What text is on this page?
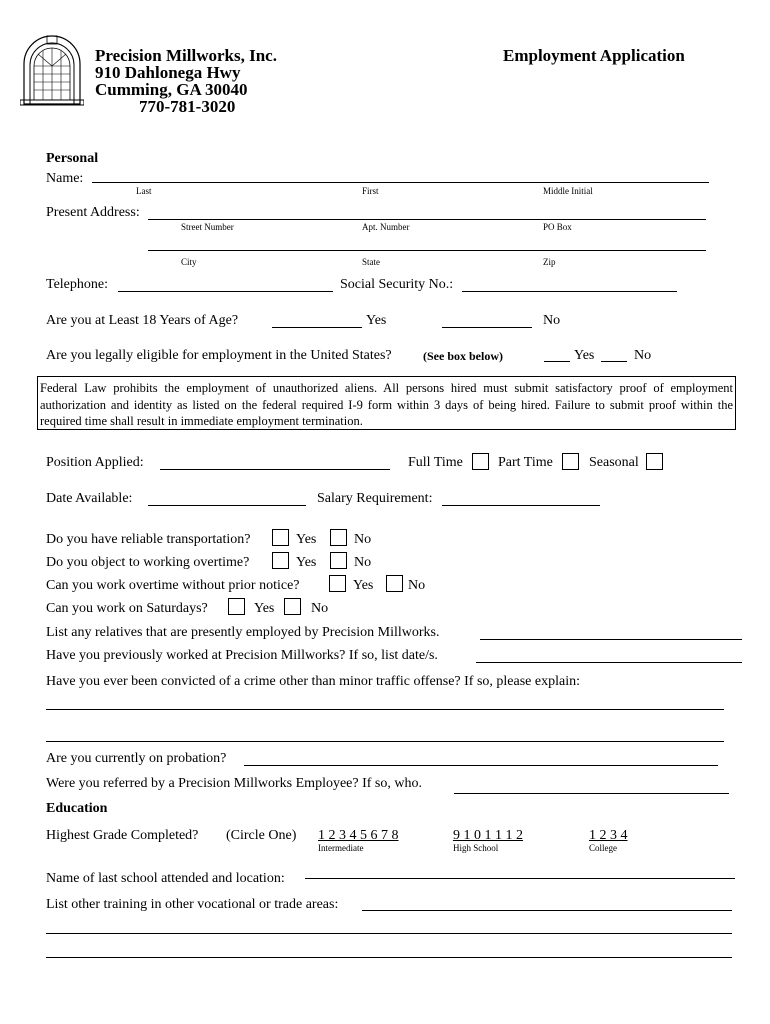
Precision Millworks, Inc.
910 Dahlonega Hwy
Cumming, GA 30040
770-781-3020
Employment Application
Personal
Name:
Last	First	Middle Initial
Present Address:
Street Number	Apt. Number	PO Box
City	State	Zip
Telephone:	Social Security No.:
Are you at Least 18 Years of Age?	Yes	No
Are you legally eligible for employment in the United States?	(See box below)	Yes	No
Federal Law prohibits the employment of unauthorized aliens. All persons hired must submit satisfactory proof of employment authorization and identity as listed on the federal required I-9 form within 3 days of being hired. Failure to submit proof within the required time shall result in immediate employment termination.
Position Applied:	Full Time	Part Time	Seasonal
Date Available:	Salary Requirement:
Do you have reliable transportation?	Yes	No
Do you object to working overtime?	Yes	No
Can you work overtime without prior notice?	Yes No
Can you work on Saturdays?	Yes	No
List any relatives that are presently employed by Precision Millworks.
Have you previously worked at Precision Millworks? If so, list date/s.
Have you ever been convicted of a crime other than minor traffic offense? If so, please explain:
Are you currently on probation?
Were you referred by a Precision Millworks Employee? If so, who.
Education
Highest Grade Completed? (Circle One) 1 2 3 4 5 6 7 8
Intermediate
9 1 0 1 1 1 2
High School
1 2 3 4
College
Name of last school attended and location:
List other training in other vocational or trade areas:
